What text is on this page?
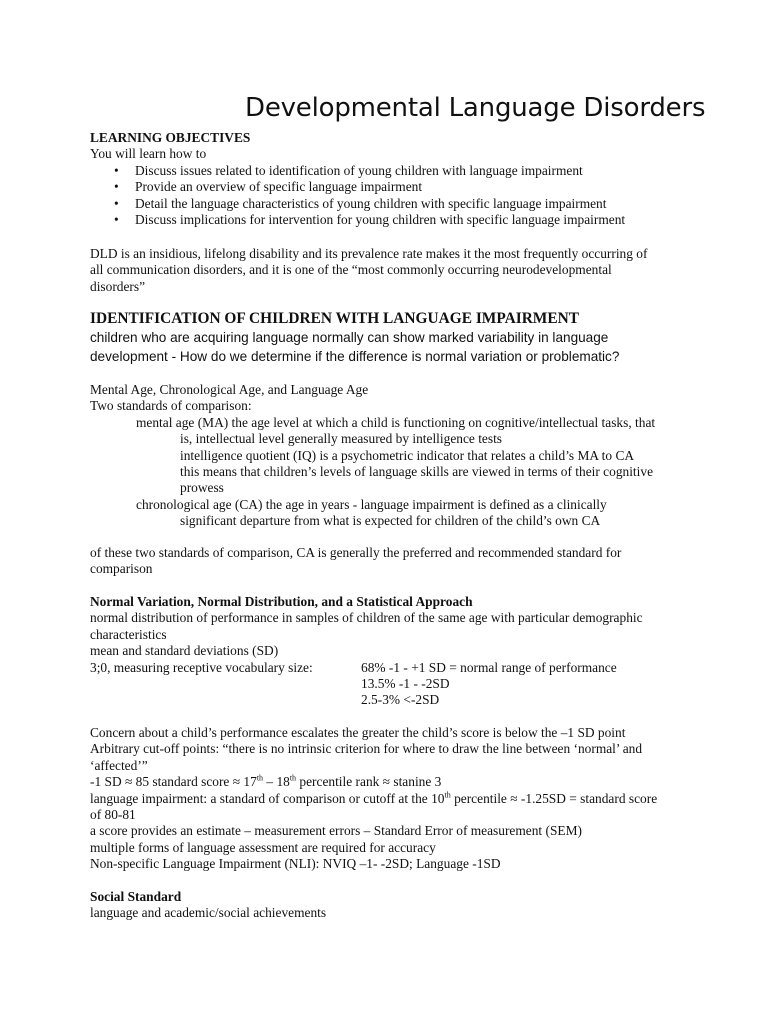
Developmental Language Disorders
LEARNING OBJECTIVES
You will learn how to
• Discuss issues related to identification of young children with language impairment
• Provide an overview of specific language impairment
• Detail the language characteristics of young children with specific language impairment
• Discuss implications for intervention for young children with specific language impairment
DLD is an insidious, lifelong disability and its prevalence rate makes it the most frequently occurring of
all communication disorders, and it is one of the “most commonly occurring neurodevelopmental
disorders”
IDENTIFICATION OF CHILDREN WITH LANGUAGE IMPAIRMENT
children who are acquiring language normally can show marked variability in language
development - How do we determine if the difference is normal variation or problematic?
Mental Age, Chronological Age, and Language Age
Two standards of comparison:
mental age (MA) the age level at which a child is functioning on cognitive/intellectual tasks, that
is, intellectual level generally measured by intelligence tests
intelligence quotient (IQ) is a psychometric indicator that relates a child’s MA to CA
this means that children’s levels of language skills are viewed in terms of their cognitive
prowess
chronological age (CA) the age in years - language impairment is defined as a clinically
significant departure from what is expected for children of the child’s own CA
of these two standards of comparison, CA is generally the preferred and recommended standard for
comparison
Normal Variation, Normal Distribution, and a Statistical Approach
normal distribution of performance in samples of children of the same age with particular demographic
characteristics
mean and standard deviations (SD)
3;0, measuring receptive vocabulary size:	68% -1 - +1 SD = normal range of performance
13.5% -1 - -2SD
2.5-3% <-2SD
Concern about a child’s performance escalates the greater the child’s score is below the –1 SD point
Arbitrary cut-off points: “there is no intrinsic criterion for where to draw the line between ‘normal’ and
‘affected’”
-1 SD ≈ 85 standard score ≈ 17th – 18th percentile rank ≈ stanine 3
language impairment: a standard of comparison or cutoff at the 10th percentile ≈ -1.25SD = standard score
of 80-81
a score provides an estimate – measurement errors – Standard Error of measurement (SEM)
multiple forms of language assessment are required for accuracy
Non-specific Language Impairment (NLI): NVIQ –1- -2SD; Language -1SD
Social Standard
language and academic/social achievements
